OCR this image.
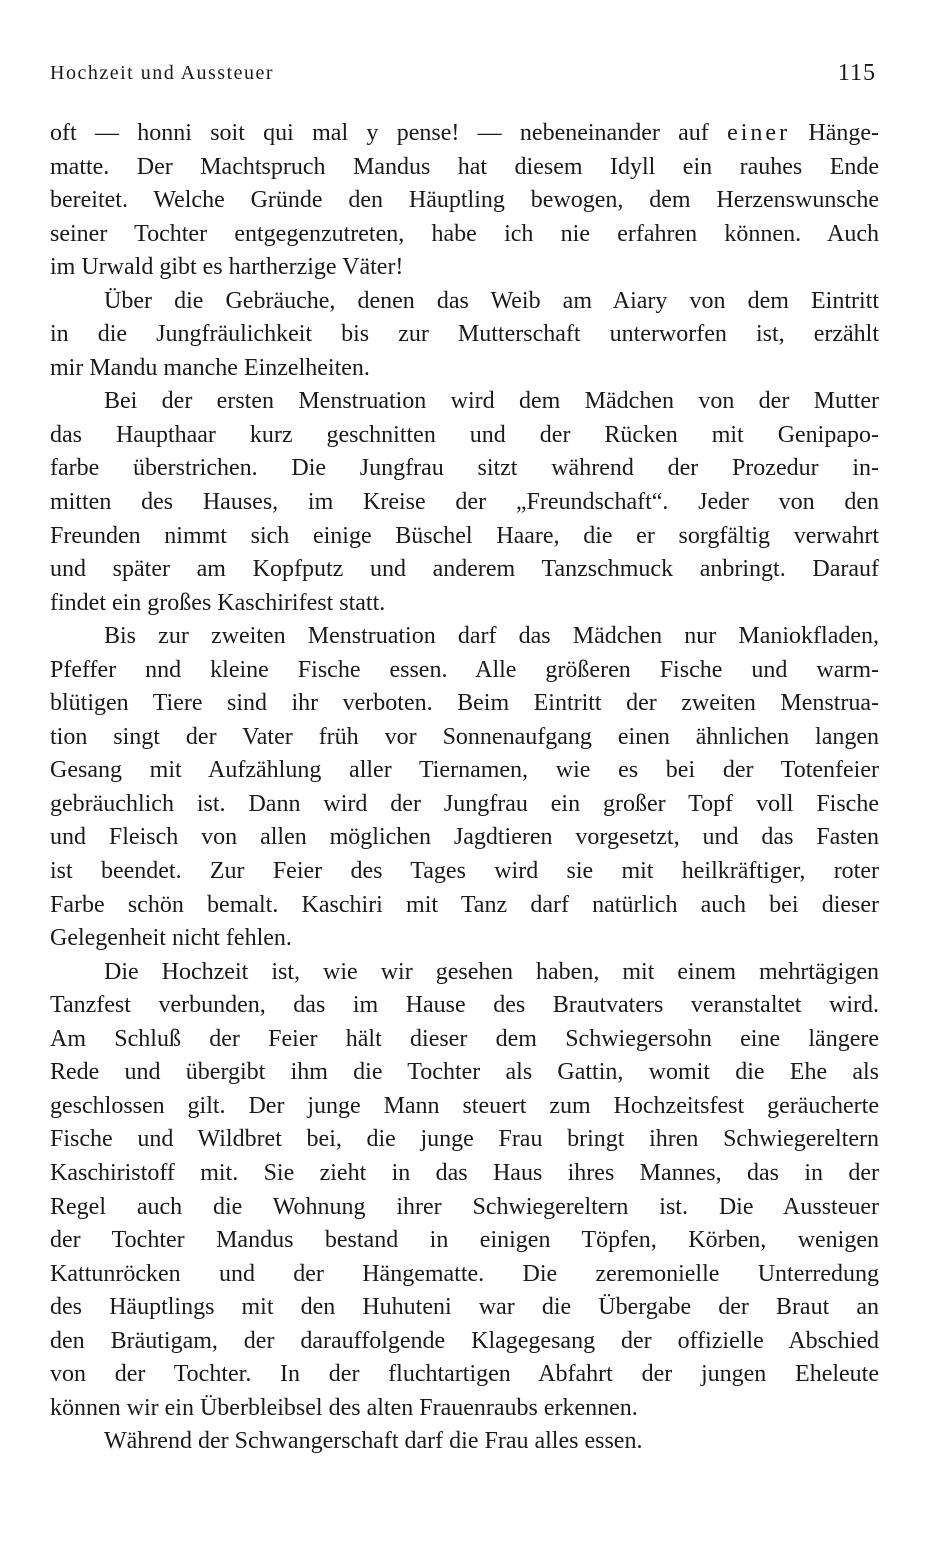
Hochzeit und Aussteuer	115
oft — honni soit qui mal y pense! — nebeneinander auf einer Hänge-
matte. Der Machtspruch Mandus hat diesem Idyll ein rauhes Ende
bereitet. Welche Gründe den Häuptling bewogen, dem Herzenswunsche
seiner Tochter entgegenzutreten, habe ich nie erfahren können. Auch
im Urwald gibt es hartherzige Väter!
Über die Gebräuche, denen das Weib am Aiary von dem Eintritt
in die Jungfräulichkeit bis zur Mutterschaft unterworfen ist, erzählt
mir Mandu manche Einzelheiten.
Bei der ersten Menstruation wird dem Mädchen von der Mutter
das Haupthaar kurz geschnitten und der Rücken mit Genipapo-
farbe überstrichen. Die Jungfrau sitzt während der Prozedur in-
mitten des Hauses, im Kreise der „Freundschaft“. Jeder von den
Freunden nimmt sich einige Büschel Haare, die er sorgfältig verwahrt
und später am Kopfputz und anderem Tanzschmuck anbringt. Darauf
findet ein großes Kaschirifest statt.
Bis zur zweiten Menstruation darf das Mädchen nur Maniokfladen,
Pfeffer nnd kleine Fische essen. Alle größeren Fische und warm-
blütigen Tiere sind ihr verboten. Beim Eintritt der zweiten Menstrua-
tion singt der Vater früh vor Sonnenaufgang einen ähnlichen langen
Gesang mit Aufzählung aller Tiernamen, wie es bei der Totenfeier
gebräuchlich ist. Dann wird der Jungfrau ein großer Topf voll Fische
und Fleisch von allen möglichen Jagdtieren vorgesetzt, und das Fasten
ist beendet. Zur Feier des Tages wird sie mit heilkräftiger, roter
Farbe schön bemalt. Kaschiri mit Tanz darf natürlich auch bei dieser
Gelegenheit nicht fehlen.
Die Hochzeit ist, wie wir gesehen haben, mit einem mehrtägigen
Tanzfest verbunden, das im Hause des Brautvaters veranstaltet wird.
Am Schluß der Feier hält dieser dem Schwiegersohn eine längere
Rede und übergibt ihm die Tochter als Gattin, womit die Ehe als
geschlossen gilt. Der junge Mann steuert zum Hochzeitsfest geräucherte
Fische und Wildbret bei, die junge Frau bringt ihren Schwiegereltern
Kaschiristoff mit. Sie zieht in das Haus ihres Mannes, das in der
Regel auch die Wohnung ihrer Schwiegereltern ist. Die Aussteuer
der Tochter Mandus bestand in einigen Töpfen, Körben, wenigen
Kattunröcken und der Hängematte. Die zeremonielle Unterredung
des Häuptlings mit den Huhuteni war die Übergabe der Braut an
den Bräutigam, der darauffolgende Klagegesang der offizielle Abschied
von der Tochter. In der fluchtartigen Abfahrt der jungen Eheleute
können wir ein Überbleibsel des alten Frauenraubs erkennen.
Während der Schwangerschaft darf die Frau alles essen.
